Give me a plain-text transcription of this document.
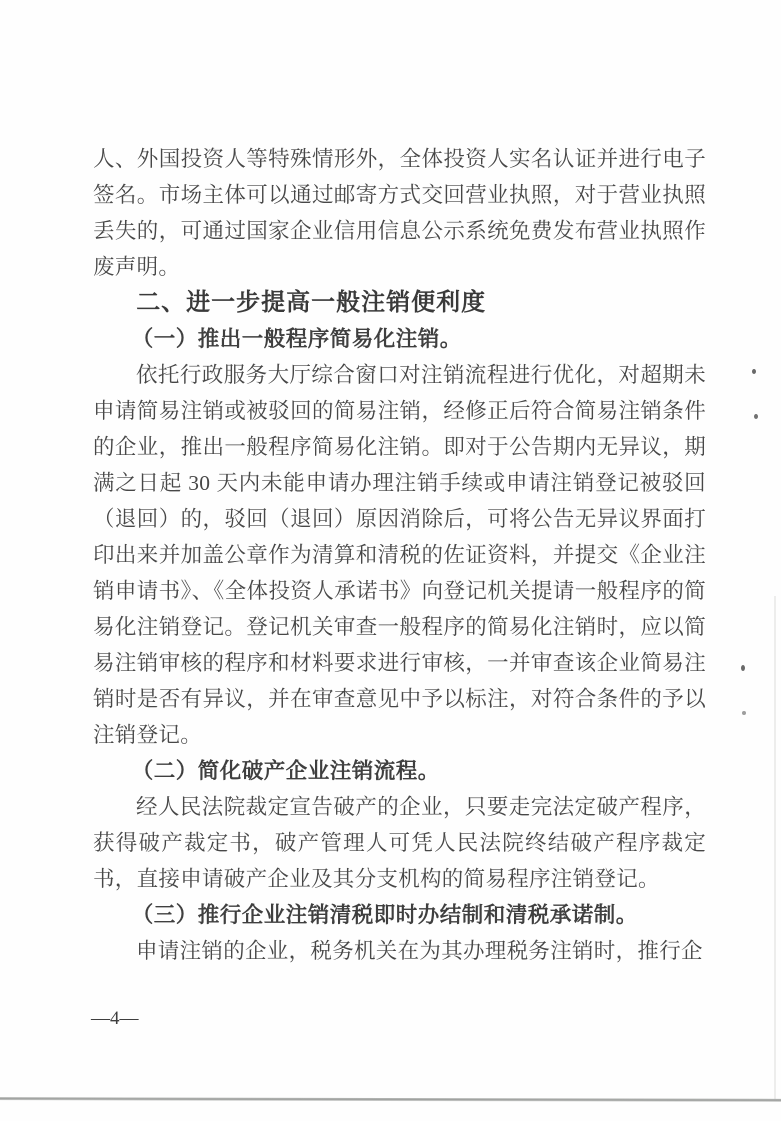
人、外国投资人等特殊情形外，全体投资人实名认证并进行电子签名。市场主体可以通过邮寄方式交回营业执照，对于营业执照丢失的，可通过国家企业信用信息公示系统免费发布营业执照作废声明。

二、进一步提高一般注销便利度

（一）推出一般程序简易化注销。

依托行政服务大厅综合窗口对注销流程进行优化，对超期未申请简易注销或被驳回的简易注销，经修正后符合简易注销条件的企业，推出一般程序简易化注销。即对于公告期内无异议，期满之日起 30 天内未能申请办理注销手续或申请注销登记被驳回（退回）的，驳回（退回）原因消除后，可将公告无异议界面打印出来并加盖公章作为清算和清税的佐证资料，并提交《企业注销申请书》、《全体投资人承诺书》向登记机关提请一般程序的简易化注销登记。登记机关审查一般程序的简易化注销时，应以简易注销审核的程序和材料要求进行审核，一并审查该企业简易注销时是否有异议，并在审查意见中予以标注，对符合条件的予以注销登记。

（二）简化破产企业注销流程。

经人民法院裁定宣告破产的企业，只要走完法定破产程序，获得破产裁定书，破产管理人可凭人民法院终结破产程序裁定书，直接申请破产企业及其分支机构的简易程序注销登记。

（三）推行企业注销清税即时办结制和清税承诺制。

申请注销的企业，税务机关在为其办理税务注销时，推行企

—4—
